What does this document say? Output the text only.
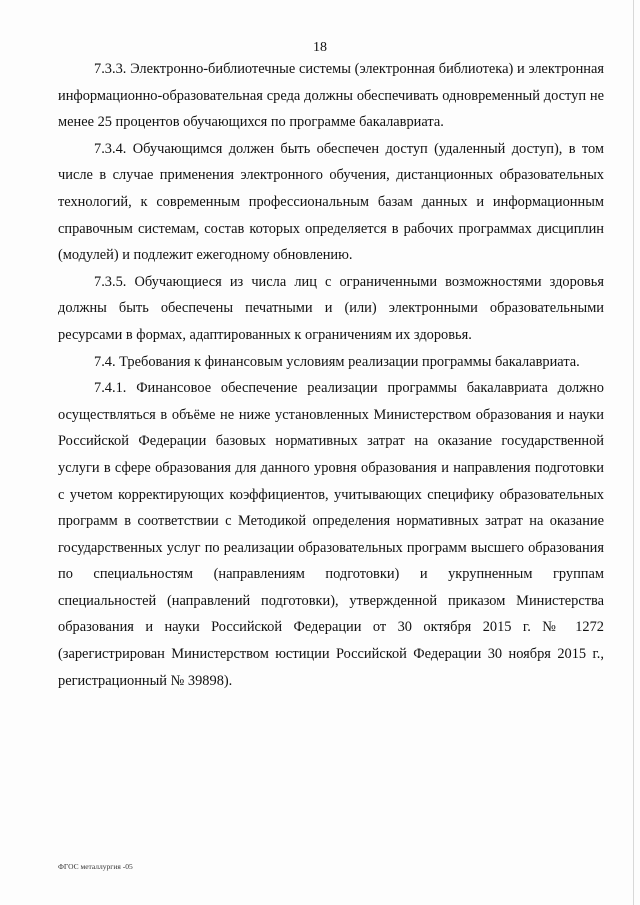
18

7.3.3. Электронно-библиотечные системы (электронная библиотека) и электронная информационно-образовательная среда должны обеспечивать одновременный доступ не менее 25 процентов обучающихся по программе бакалавриата.

7.3.4. Обучающимся должен быть обеспечен доступ (удаленный доступ), в том числе в случае применения электронного обучения, дистанционных образовательных технологий, к современным профессиональным базам данных и информационным справочным системам, состав которых определяется в рабочих программах дисциплин (модулей) и подлежит ежегодному обновлению.

7.3.5. Обучающиеся из числа лиц с ограниченными возможностями здоровья должны быть обеспечены печатными и (или) электронными образовательными ресурсами в формах, адаптированных к ограничениям их здоровья.

7.4. Требования к финансовым условиям реализации программы бакалавриата.

7.4.1. Финансовое обеспечение реализации программы бакалавриата должно осуществляться в объёме не ниже установленных Министерством образования и науки Российской Федерации базовых нормативных затрат на оказание государственной услуги в сфере образования для данного уровня образования и направления подготовки с учетом корректирующих коэффициентов, учитывающих специфику образовательных программ в соответствии с Методикой определения нормативных затрат на оказание государственных услуг по реализации образовательных программ высшего образования по специальностям (направлениям подготовки) и укрупненным группам специальностей (направлений подготовки), утвержденной приказом Министерства образования и науки Российской Федерации от 30 октября 2015 г. № 1272 (зарегистрирован Министерством юстиции Российской Федерации 30 ноября 2015 г., регистрационный № 39898).

ФГОС металлургия -05
